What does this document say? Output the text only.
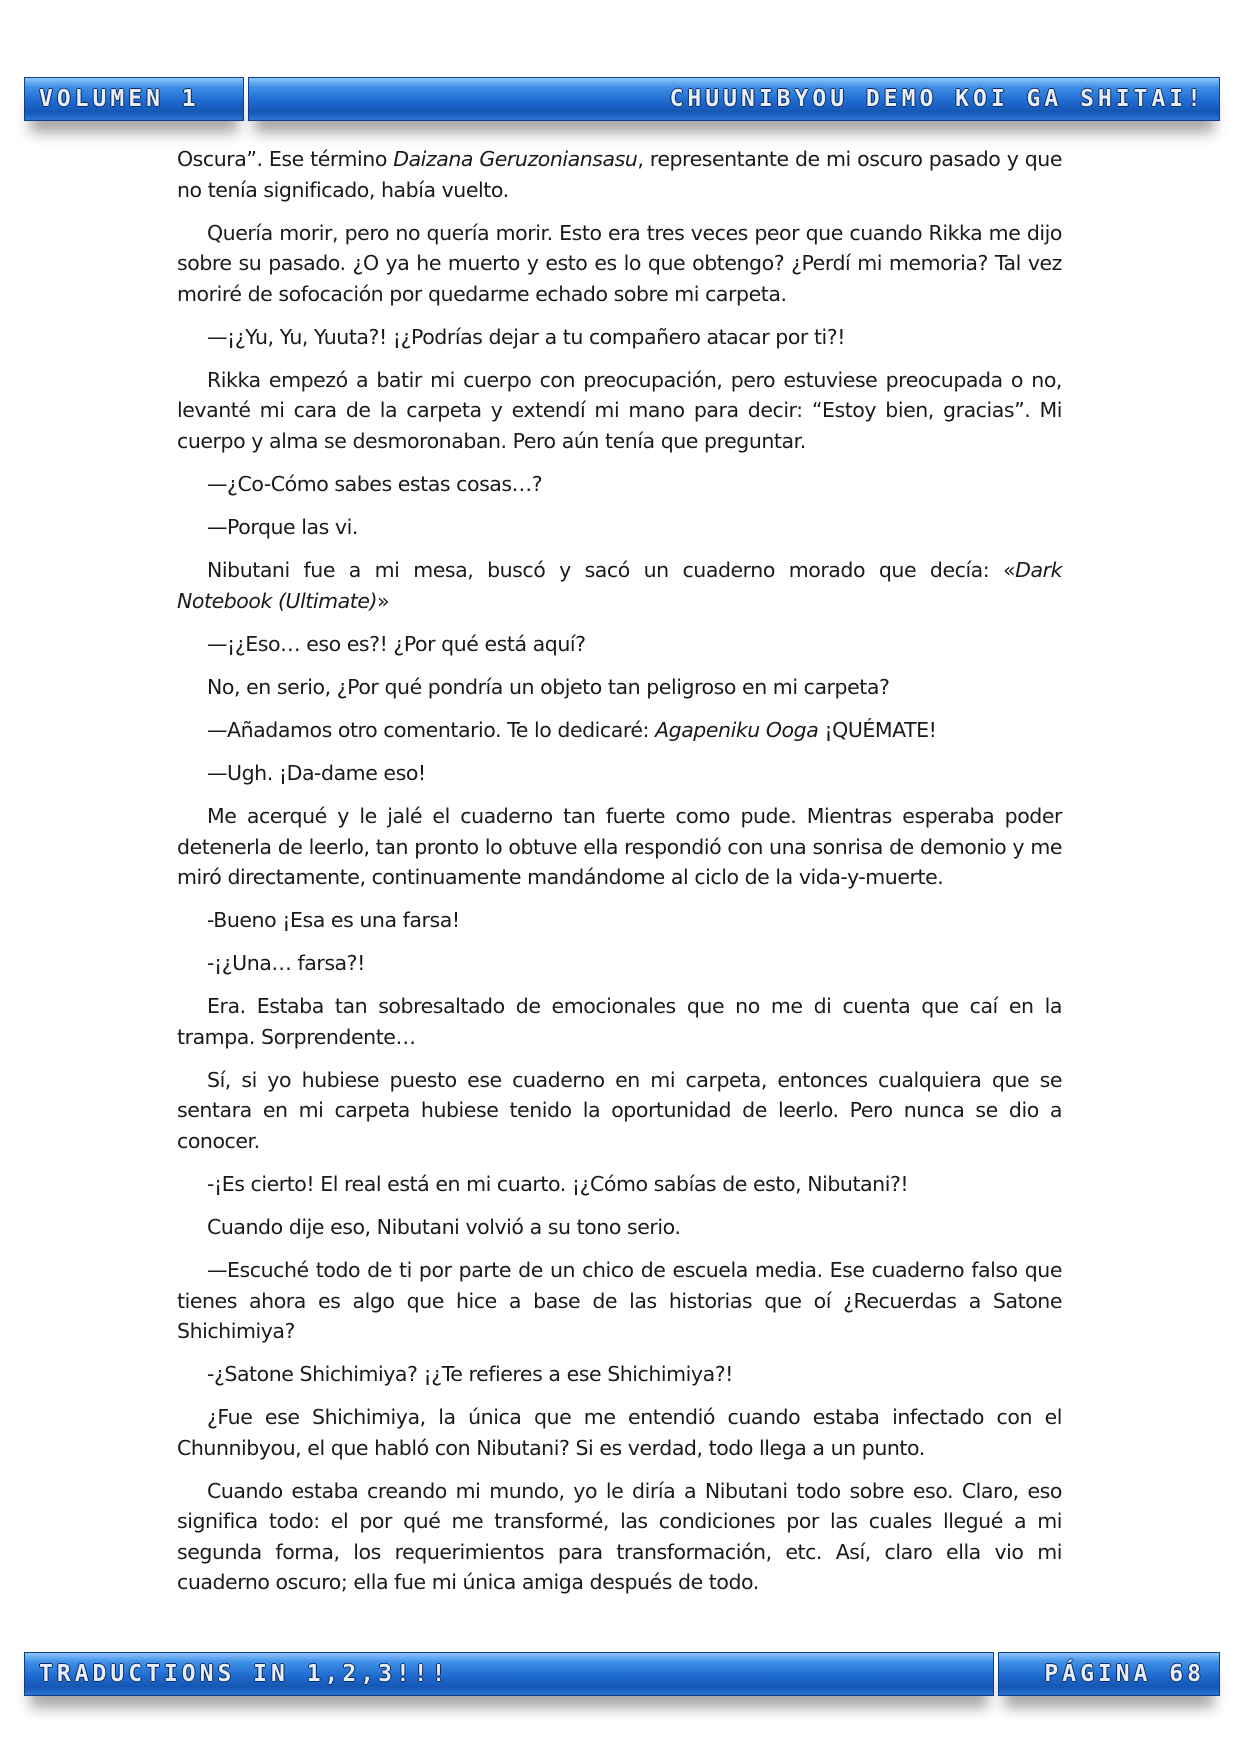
VOLUMEN 1	CHUUNIBYOU DEMO KOI GA SHITAI!

Oscura”. Ese término Daizana Geruzoniansasu, representante de mi oscuro pasado y que no tenía significado, había vuelto.

Quería morir, pero no quería morir. Esto era tres veces peor que cuando Rikka me dijo sobre su pasado. ¿O ya he muerto y esto es lo que obtengo? ¿Perdí mi memoria? Tal vez moriré de sofocación por quedarme echado sobre mi carpeta.

—¡¿Yu, Yu, Yuuta?! ¡¿Podrías dejar a tu compañero atacar por ti?!

Rikka empezó a batir mi cuerpo con preocupación, pero estuviese preocupada o no, levanté mi cara de la carpeta y extendí mi mano para decir: “Estoy bien, gracias”. Mi cuerpo y alma se desmoronaban. Pero aún tenía que preguntar.

—¿Co-Cómo sabes estas cosas…?

—Porque las vi.

Nibutani fue a mi mesa, buscó y sacó un cuaderno morado que decía: «Dark Notebook (Ultimate)»

—¡¿Eso… eso es?! ¿Por qué está aquí?

No, en serio, ¿Por qué pondría un objeto tan peligroso en mi carpeta?

—Añadamos otro comentario. Te lo dedicaré: Agapeniku Ooga ¡QUÉMATE!

—Ugh. ¡Da-dame eso!

Me acerqué y le jalé el cuaderno tan fuerte como pude. Mientras esperaba poder detenerla de leerlo, tan pronto lo obtuve ella respondió con una sonrisa de demonio y me miró directamente, continuamente mandándome al ciclo de la vida-y-muerte.

-Bueno ¡Esa es una farsa!

-¡¿Una… farsa?!

Era. Estaba tan sobresaltado de emocionales que no me di cuenta que caí en la trampa. Sorprendente…

Sí, si yo hubiese puesto ese cuaderno en mi carpeta, entonces cualquiera que se sentara en mi carpeta hubiese tenido la oportunidad de leerlo. Pero nunca se dio a conocer.

-¡Es cierto! El real está en mi cuarto. ¡¿Cómo sabías de esto, Nibutani?!

Cuando dije eso, Nibutani volvió a su tono serio.

—Escuché todo de ti por parte de un chico de escuela media. Ese cuaderno falso que tienes ahora es algo que hice a base de las historias que oí ¿Recuerdas a Satone Shichimiya?

-¿Satone Shichimiya? ¡¿Te refieres a ese Shichimiya?!

¿Fue ese Shichimiya, la única que me entendió cuando estaba infectado con el Chunnibyou, el que habló con Nibutani? Si es verdad, todo llega a un punto.

Cuando estaba creando mi mundo, yo le diría a Nibutani todo sobre eso. Claro, eso significa todo: el por qué me transformé, las condiciones por las cuales llegué a mi segunda forma, los requerimientos para transformación, etc. Así, claro ella vio mi cuaderno oscuro; ella fue mi única amiga después de todo.

TRADUCTIONS IN 1,2,3!!!	PÁGINA 68
